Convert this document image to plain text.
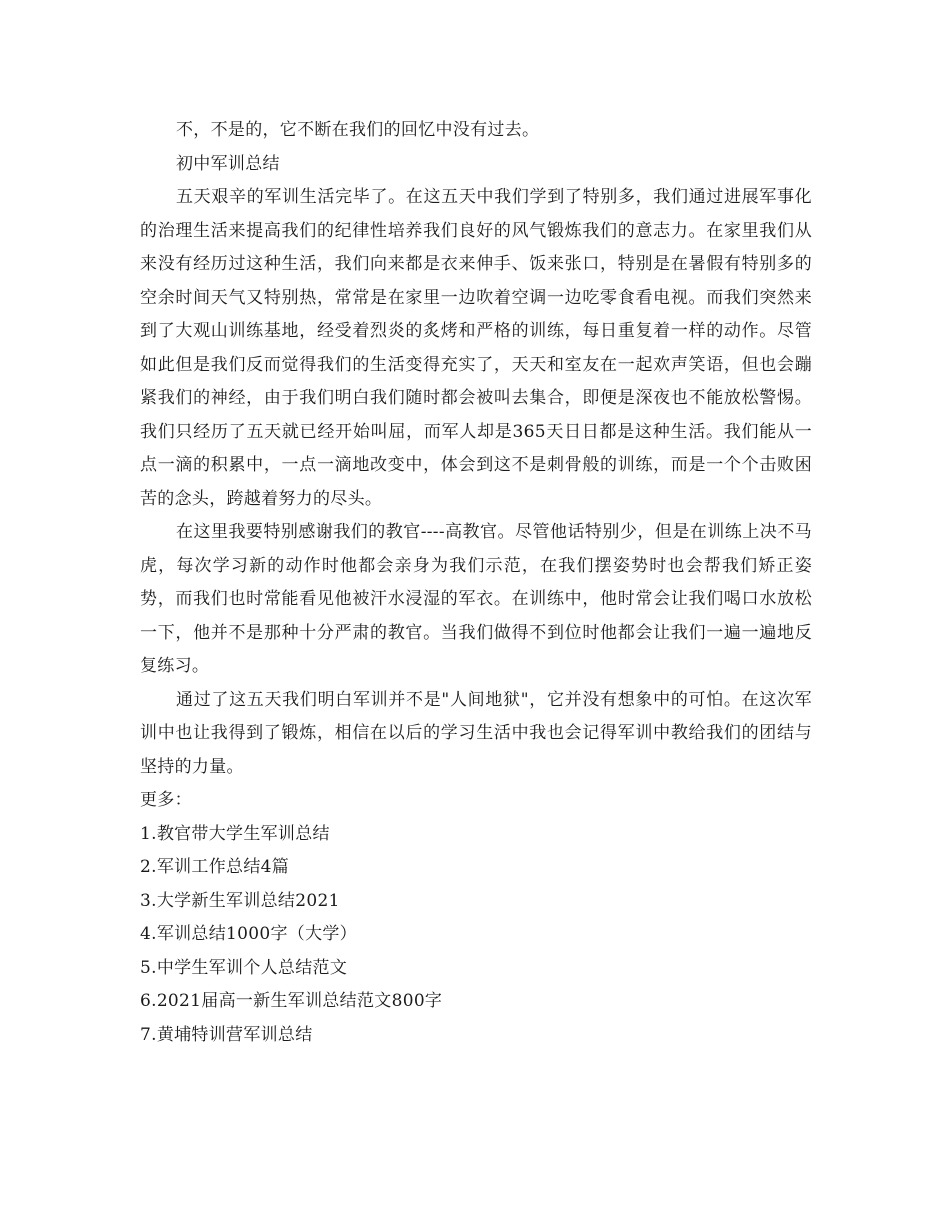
不，不是的，它不断在我们的回忆中没有过去。

初中军训总结

五天艰辛的军训生活完毕了。在这五天中我们学到了特别多，我们通过进展军事化的治理生活来提高我们的纪律性培养我们良好的风气锻炼我们的意志力。在家里我们从来没有经历过这种生活，我们向来都是衣来伸手、饭来张口，特别是在暑假有特别多的空余时间天气又特别热，常常是在家里一边吹着空调一边吃零食看电视。而我们突然来到了大观山训练基地，经受着烈炎的炙烤和严格的训练，每日重复着一样的动作。尽管如此但是我们反而觉得我们的生活变得充实了，天天和室友在一起欢声笑语，但也会蹦紧我们的神经，由于我们明白我们随时都会被叫去集合，即便是深夜也不能放松警惕。我们只经历了五天就已经开始叫屈，而军人却是365天日日都是这种生活。我们能从一点一滴的积累中，一点一滴地改变中，体会到这不是刺骨般的训练，而是一个个击败困苦的念头，跨越着努力的尽头。

在这里我要特别感谢我们的教官----高教官。尽管他话特别少，但是在训练上决不马虎，每次学习新的动作时他都会亲身为我们示范，在我们摆姿势时也会帮我们矫正姿势，而我们也时常能看见他被汗水浸湿的军衣。在训练中，他时常会让我们喝口水放松一下，他并不是那种十分严肃的教官。当我们做得不到位时他都会让我们一遍一遍地反复练习。

通过了这五天我们明白军训并不是"人间地狱"，它并没有想象中的可怕。在这次军训中也让我得到了锻炼，相信在以后的学习生活中我也会记得军训中教给我们的团结与坚持的力量。

更多：

1.教官带大学生军训总结
2.军训工作总结4篇
3.大学新生军训总结2021
4.军训总结1000字（大学）
5.中学生军训个人总结范文
6.2021届高一新生军训总结范文800字
7.黄埔特训营军训总结
